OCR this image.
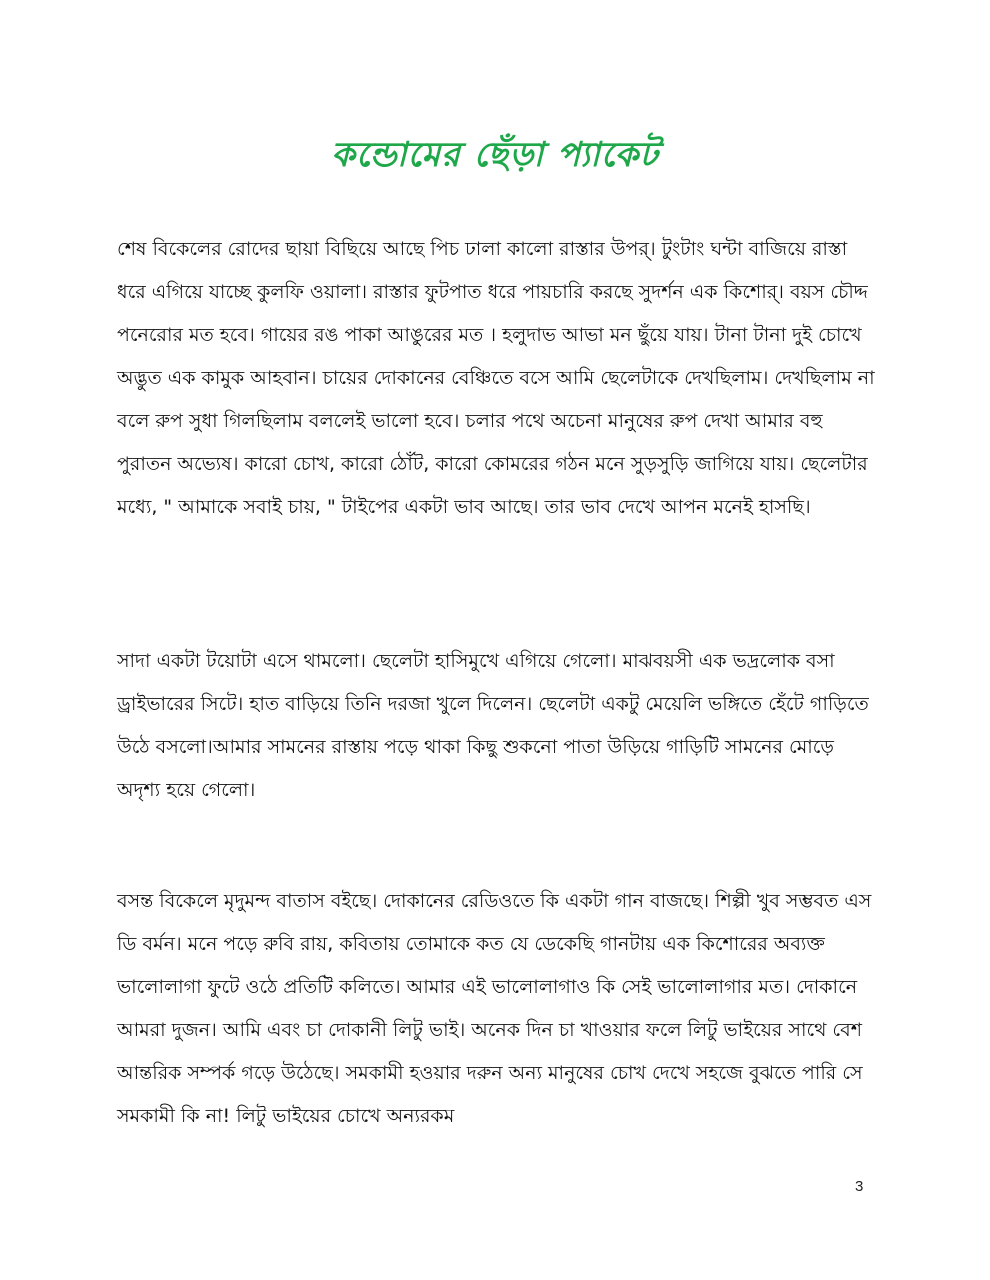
কন্ডোমের ছেঁড়া প্যাকেট

শেষ বিকেলের রোদের ছায়া বিছিয়ে আছে পিচ ঢালা কালো রাস্তার উপর্। টুংটাং ঘন্টা বাজিয়ে রাস্তা ধরে এগিয়ে যাচ্ছে কুলফি ওয়ালা। রাস্তার ফুটপাত ধরে পায়চারি করছে সুদর্শন এক কিশোর্। বয়স চৌদ্দ পনেরোর মত হবে। গায়ের রঙ পাকা আঙুরের মত । হলুদাভ আভা মন ছুঁয়ে যায়। টানা টানা দুই চোখে অদ্ভুত এক কামুক আহবান। চায়ের দোকানের বেঞ্চিতে বসে আমি ছেলেটাকে দেখছিলাম। দেখছিলাম না বলে রুপ সুধা গিলছিলাম বললেই ভালো হবে। চলার পথে অচেনা মানুষের রুপ দেখা আমার বহু পুরাতন অভ্যেষ। কারো চোখ, কারো ঠোঁট, কারো কোমরের গঠন মনে সুড়সুড়ি জাগিয়ে যায়। ছেলেটার মধ্যে, " আমাকে সবাই চায়, " টাইপের একটা ভাব আছে। তার ভাব দেখে আপন মনেই হাসছি।

সাদা একটা টয়োটা এসে থামলো। ছেলেটা হাসিমুখে এগিয়ে গেলো। মাঝবয়সী এক ভদ্রলোক বসা ড্রাইভারের সিটে। হাত বাড়িয়ে তিনি দরজা খুলে দিলেন। ছেলেটা একটু মেয়েলি ভঙ্গিতে হেঁটে গাড়িতে উঠে বসলো।আমার সামনের রাস্তায় পড়ে থাকা কিছু শুকনো পাতা উড়িয়ে গাড়িটি সামনের মোড়ে অদৃশ্য হয়ে গেলো।

বসন্ত বিকেলে মৃদুমন্দ বাতাস বইছে। দোকানের রেডিওতে কি একটা গান বাজছে। শিল্পী খুব সম্ভবত এস ডি বর্মন। মনে পড়ে রুবি রায়, কবিতায় তোমাকে কত যে ডেকেছি গানটায় এক কিশোরের অব্যক্ত ভালোলাগা ফুটে ওঠে প্রতিটি কলিতে। আমার এই ভালোলাগাও কি সেই ভালোলাগার মত। দোকানে আমরা দুজন। আমি এবং চা দোকানী লিটু ভাই। অনেক দিন চা খাওয়ার ফলে লিটু ভাইয়ের সাথে বেশ আন্তরিক সম্পর্ক গড়ে উঠেছে। সমকামী হওয়ার দরুন অন্য মানুষের চোখ দেখে সহজে বুঝতে পারি সে সমকামী কি না! লিটু ভাইয়ের চোখে অন্যরকম

3
